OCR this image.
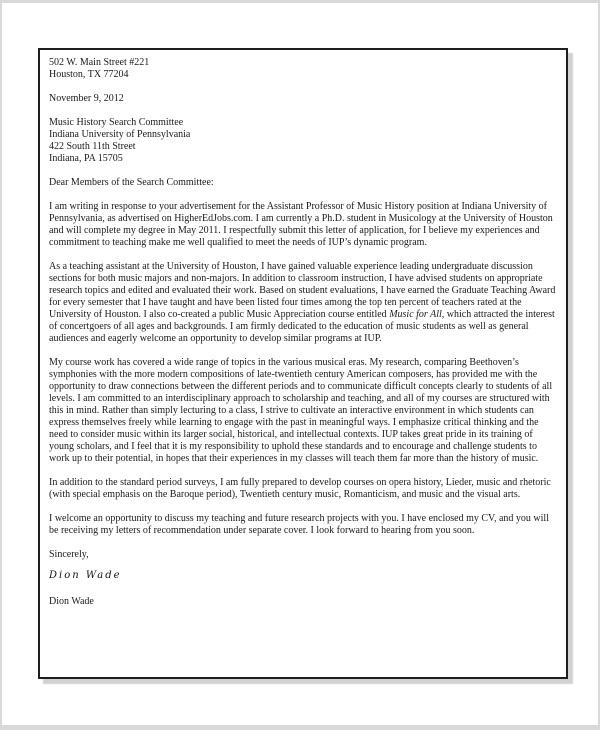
502 W. Main Street #221
Houston, TX 77204
November 9, 2012
Music History Search Committee
Indiana University of Pennsylvania
422 South 11th Street
Indiana, PA 15705
Dear Members of the Search Committee:

I am writing in response to your advertisement for the Assistant Professor of Music History position at Indiana University of Pennsylvania, as advertised on HigherEdJobs.com. I am currently a Ph.D. student in Musicology at the University of Houston and will complete my degree in May 2011. I respectfully submit this letter of application, for I believe my experiences and commitment to teaching make me well qualified to meet the needs of IUP’s dynamic program.

As a teaching assistant at the University of Houston, I have gained valuable experience leading undergraduate discussion sections for both music majors and non-majors. In addition to classroom instruction, I have advised students on appropriate research topics and edited and evaluated their work. Based on student evaluations, I have earned the Graduate Teaching Award for every semester that I have taught and have been listed four times among the top ten percent of teachers rated at the University of Houston. I also co-created a public Music Appreciation course entitled Music for All, which attracted the interest of concertgoers of all ages and backgrounds. I am firmly dedicated to the education of music students as well as general audiences and eagerly welcome an opportunity to develop similar programs at IUP.

My course work has covered a wide range of topics in the various musical eras. My research, comparing Beethoven’s symphonies with the more modern compositions of late-twentieth century American composers, has provided me with the opportunity to draw connections between the different periods and to communicate difficult concepts clearly to students of all levels. I am committed to an interdisciplinary approach to scholarship and teaching, and all of my courses are structured with this in mind. Rather than simply lecturing to a class, I strive to cultivate an interactive environment in which students can express themselves freely while learning to engage with the past in meaningful ways. I emphasize critical thinking and the need to consider music within its larger social, historical, and intellectual contexts. IUP takes great pride in its training of young scholars, and I feel that it is my responsibility to uphold these standards and to encourage and challenge students to work up to their potential, in hopes that their experiences in my classes will teach them far more than the history of music.

In addition to the standard period surveys, I am fully prepared to develop courses on opera history, Lieder, music and rhetoric (with special emphasis on the Baroque period), Twentieth century music, Romanticism, and music and the visual arts.

I welcome an opportunity to discuss my teaching and future research projects with you. I have enclosed my CV, and you will be receiving my letters of recommendation under separate cover. I look forward to hearing from you soon.

Sincerely,
Dion Wade
Dion Wade
